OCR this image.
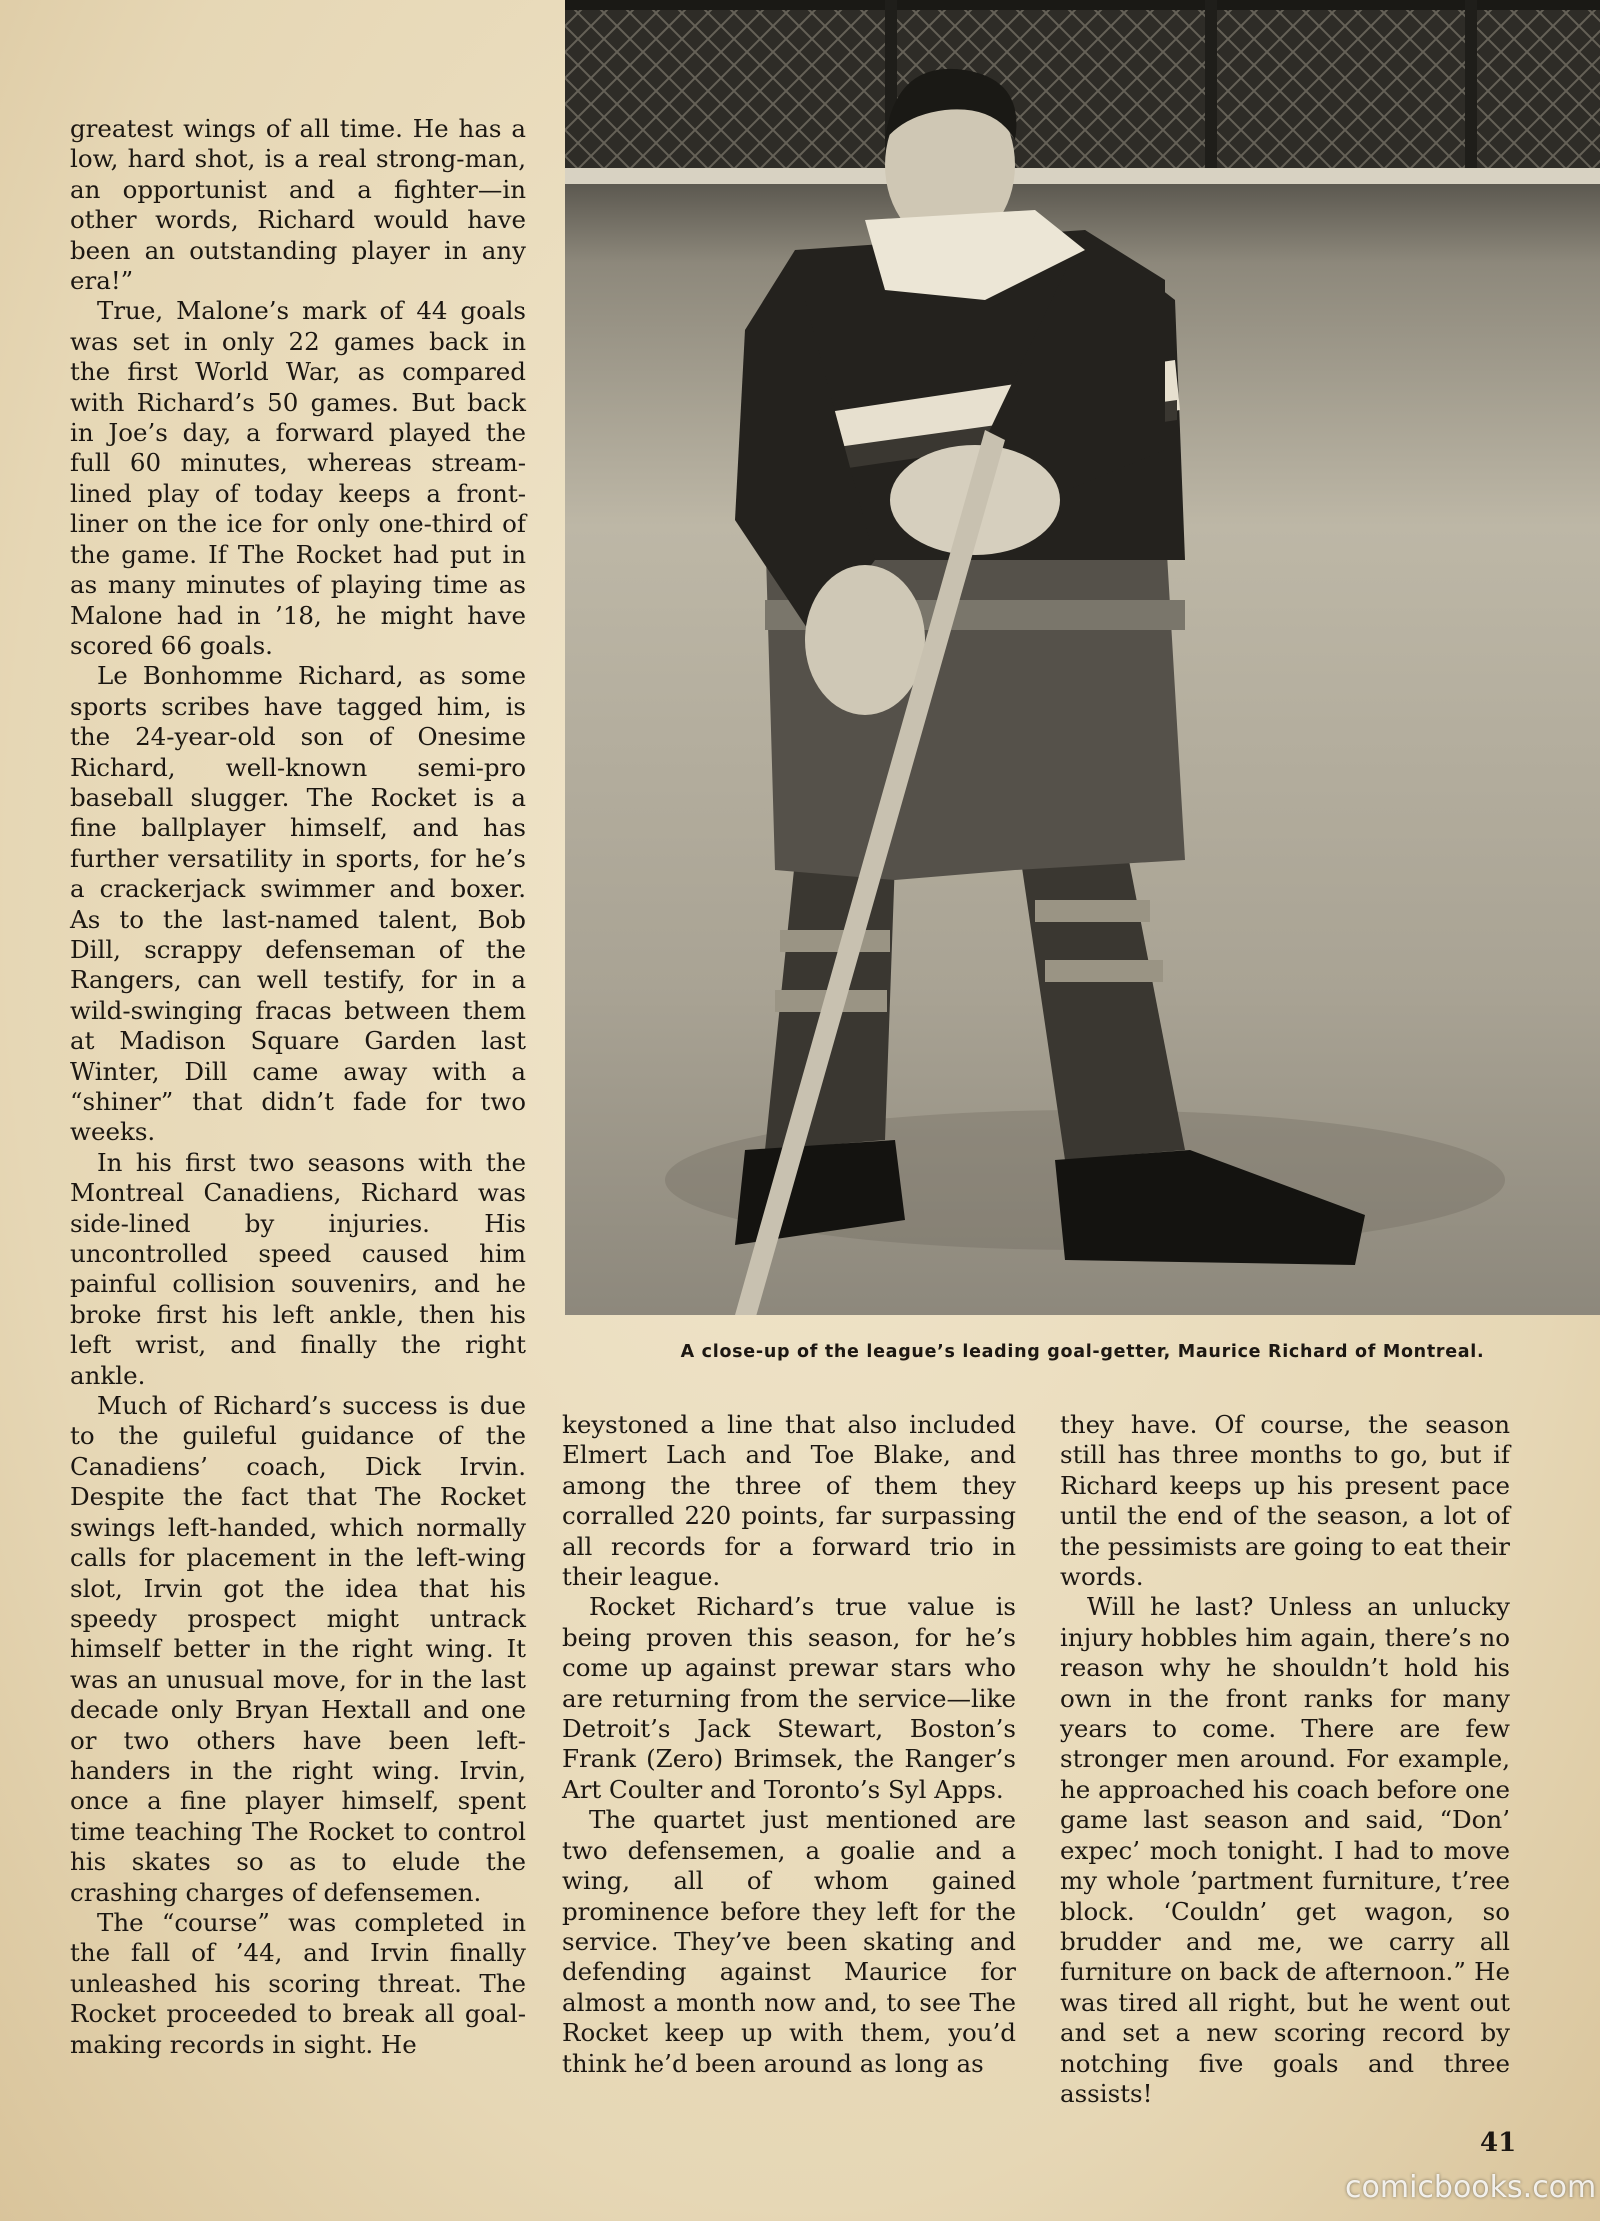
greatest wings of all time. He has a low, hard shot, is a real strong-man, an opportunist and a fighter—in other words, Richard would have been an outstanding player in any era!”

True, Malone’s mark of 44 goals was set in only 22 games back in the first World War, as compared with Richard’s 50 games. But back in Joe’s day, a forward played the full 60 minutes, whereas stream-lined play of today keeps a front-liner on the ice for only one-third of the game. If The Rocket had put in as many minutes of playing time as Malone had in ’18, he might have scored 66 goals.

Le Bonhomme Richard, as some sports scribes have tagged him, is the 24-year-old son of Onesime Richard, well-known semi-pro baseball slugger. The Rocket is a fine ballplayer himself, and has further versatility in sports, for he’s a crackerjack swimmer and boxer. As to the last-named talent, Bob Dill, scrappy defenseman of the Rangers, can well testify, for in a wild-swinging fracas between them at Madison Square Garden last Winter, Dill came away with a “shiner” that didn’t fade for two weeks.

In his first two seasons with the Montreal Canadiens, Richard was side-lined by injuries. His uncontrolled speed caused him painful collision souvenirs, and he broke first his left ankle, then his left wrist, and finally the right ankle.

Much of Richard’s success is due to the guileful guidance of the Canadiens’ coach, Dick Irvin. Despite the fact that The Rocket swings left-handed, which normally calls for placement in the left-wing slot, Irvin got the idea that his speedy prospect might untrack himself better in the right wing. It was an unusual move, for in the last decade only Bryan Hextall and one or two others have been left-handers in the right wing. Irvin, once a fine player himself, spent time teaching The Rocket to control his skates so as to elude the crashing charges of defensemen.

The “course” was completed in the fall of ’44, and Irvin finally unleashed his scoring threat. The Rocket proceeded to break all goal-making records in sight. He

A close-up of the league’s leading goal-getter, Maurice Richard of Montreal.

keystoned a line that also included Elmert Lach and Toe Blake, and among the three of them they corralled 220 points, far surpassing all records for a forward trio in their league.

Rocket Richard’s true value is being proven this season, for he’s come up against prewar stars who are returning from the service—like Detroit’s Jack Stewart, Boston’s Frank (Zero) Brimsek, the Ranger’s Art Coulter and Toronto’s Syl Apps.

The quartet just mentioned are two defensemen, a goalie and a wing, all of whom gained prominence before they left for the service. They’ve been skating and defending against Maurice for almost a month now and, to see The Rocket keep up with them, you’d think he’d been around as long as

they have. Of course, the season still has three months to go, but if Richard keeps up his present pace until the end of the season, a lot of the pessimists are going to eat their words.

Will he last? Unless an unlucky injury hobbles him again, there’s no reason why he shouldn’t hold his own in the front ranks for many years to come. There are few stronger men around. For example, he approached his coach before one game last season and said, “Don’ expec’ moch tonight. I had to move my whole ’partment furniture, t’ree block. ‘Couldn’ get wagon, so brudder and me, we carry all furniture on back de afternoon.” He was tired all right, but he went out and set a new scoring record by notching five goals and three assists!

41
comicbooks.com
